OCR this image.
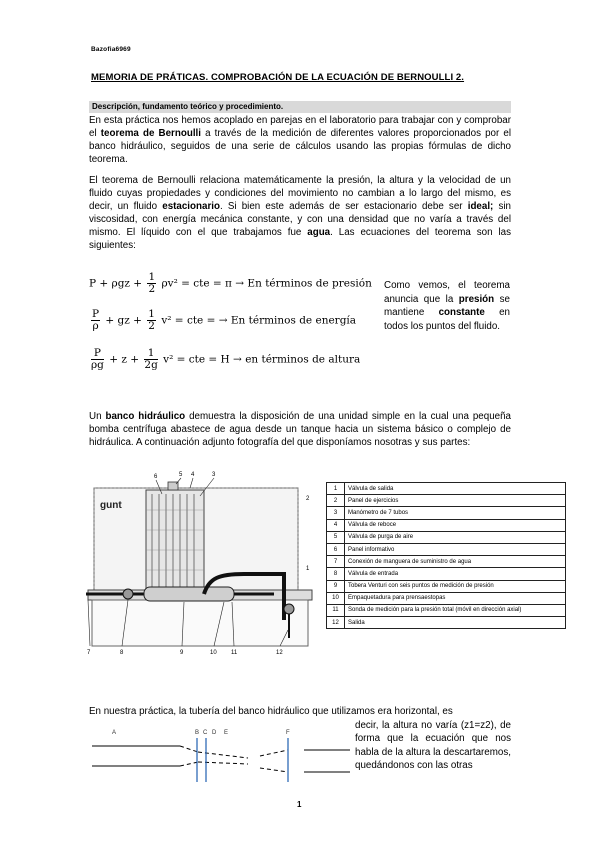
Bazofia6969
MEMORIA DE PRÁTICAS. COMPROBACIÓN DE LA ECUACIÓN DE BERNOULLI 2.
Descripción, fundamento teórico y procedimiento.
En esta práctica nos hemos acoplado en parejas en el laboratorio para trabajar con y comprobar el teorema de Bernoulli a través de la medición de diferentes valores proporcionados por el banco hidráulico, seguidos de una serie de cálculos usando las propias fórmulas de dicho teorema.
El teorema de Bernoulli relaciona matemáticamente la presión, la altura y la velocidad de un fluido cuyas propiedades y condiciones del movimiento no cambian a lo largo del mismo, es decir, un fluido estacionario. Si bien este además de ser estacionario debe ser ideal; sin viscosidad, con energía mecánica constante, y con una densidad que no varía a través del mismo. El líquido con el que trabajamos fue agua. Las ecuaciones del teorema son las siguientes:
$P + \rho gz + \frac{1}{2} \rho v^2$ = cte = π → En términos de presión
$\frac{P}{\rho}$ + gz + $\frac{1}{2} v^2$ = cte = → En términos de energía
$\frac{P}{\rho g} + z + \frac{1}{2g} v^2$ = cte = H → en términos de altura
Como vemos, el teorema anuncia que la presión se mantiene constante en todos los puntos del fluido.
Un banco hidráulico demuestra la disposición de una unidad simple en la cual una pequeña bomba centrífuga abastece de agua desde un tanque hacia un sistema básico o complejo de hidráulica. A continuación adjunto fotografía del que disponíamos nosotras y sus partes:
gunt
6	5 4	3
1
2
7	8	9	10 11	12
1	Válvula de salida
2	Panel de ejercicios
3	Manómetro de 7 tubos
4	Válvula de reboce
5	Válvula de purga de aire
6	Panel informativo
7	Conexión de manguera de suministro de agua
8	Válvula de entrada
9	Tobera Venturi con seis puntos de medición de presión
10	Empaquetadura para prensaestopas
11	Sonda de medición para la presión total (móvil en dirección axial)
12	Salida
En nuestra práctica, la tubería del banco hidráulico que utilizamos era horizontal, es
decir, la altura no varía (z1=z2), de forma que la ecuación que nos habla de la altura la descartaremos, quedándonos con las otras
A	B C D E	F
1
